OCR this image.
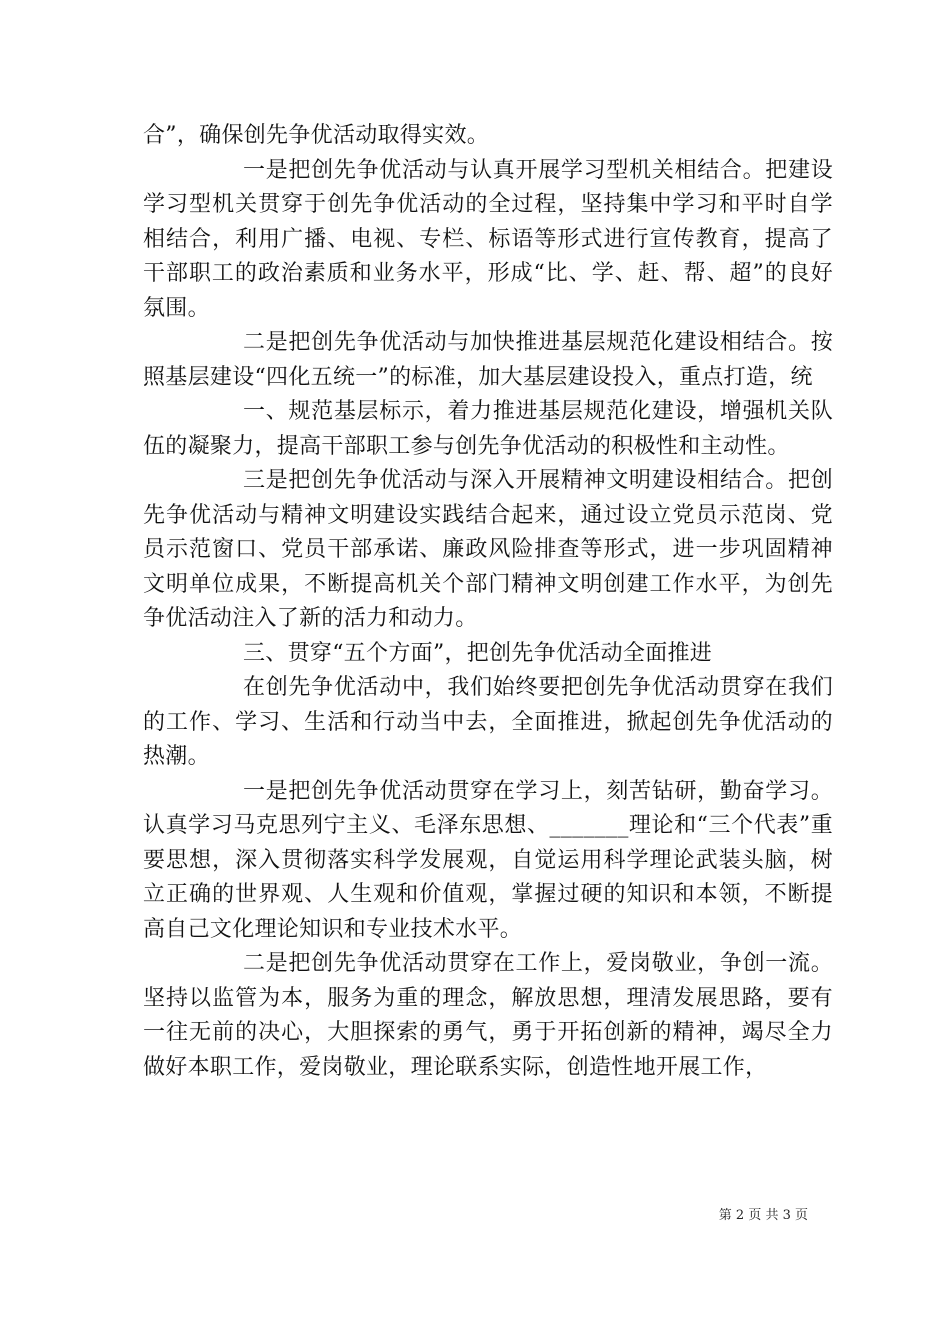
合”，确保创先争优活动取得实效。

一是把创先争优活动与认真开展学习型机关相结合。把建设学习型机关贯穿于创先争优活动的全过程，坚持集中学习和平时自学相结合，利用广播、电视、专栏、标语等形式进行宣传教育，提高了干部职工的政治素质和业务水平，形成“比、学、赶、帮、超”的良好氛围。

二是把创先争优活动与加快推进基层规范化建设相结合。按照基层建设“四化五统一”的标准，加大基层建设投入，重点打造，统

一、规范基层标示，着力推进基层规范化建设，增强机关队伍的凝聚力，提高干部职工参与创先争优活动的积极性和主动性。

三是把创先争优活动与深入开展精神文明建设相结合。把创先争优活动与精神文明建设实践结合起来，通过设立党员示范岗、党员示范窗口、党员干部承诺、廉政风险排查等形式，进一步巩固精神文明单位成果，不断提高机关个部门精神文明创建工作水平，为创先争优活动注入了新的活力和动力。

三、贯穿“五个方面”，把创先争优活动全面推进

在创先争优活动中，我们始终要把创先争优活动贯穿在我们的工作、学习、生活和行动当中去，全面推进，掀起创先争优活动的热潮。

一是把创先争优活动贯穿在学习上，刻苦钻研，勤奋学习。认真学习马克思列宁主义、毛泽东思想、_______理论和“三个代表”重要思想，深入贯彻落实科学发展观，自觉运用科学理论武装头脑，树立正确的世界观、人生观和价值观，掌握过硬的知识和本领，不断提高自己文化理论知识和专业技术水平。

二是把创先争优活动贯穿在工作上，爱岗敬业，争创一流。坚持以监管为本，服务为重的理念，解放思想，理清发展思路，要有一往无前的决心，大胆探索的勇气，勇于开拓创新的精神，竭尽全力做好本职工作，爱岗敬业，理论联系实际，创造性地开展工作，

第 2 页 共 3 页
